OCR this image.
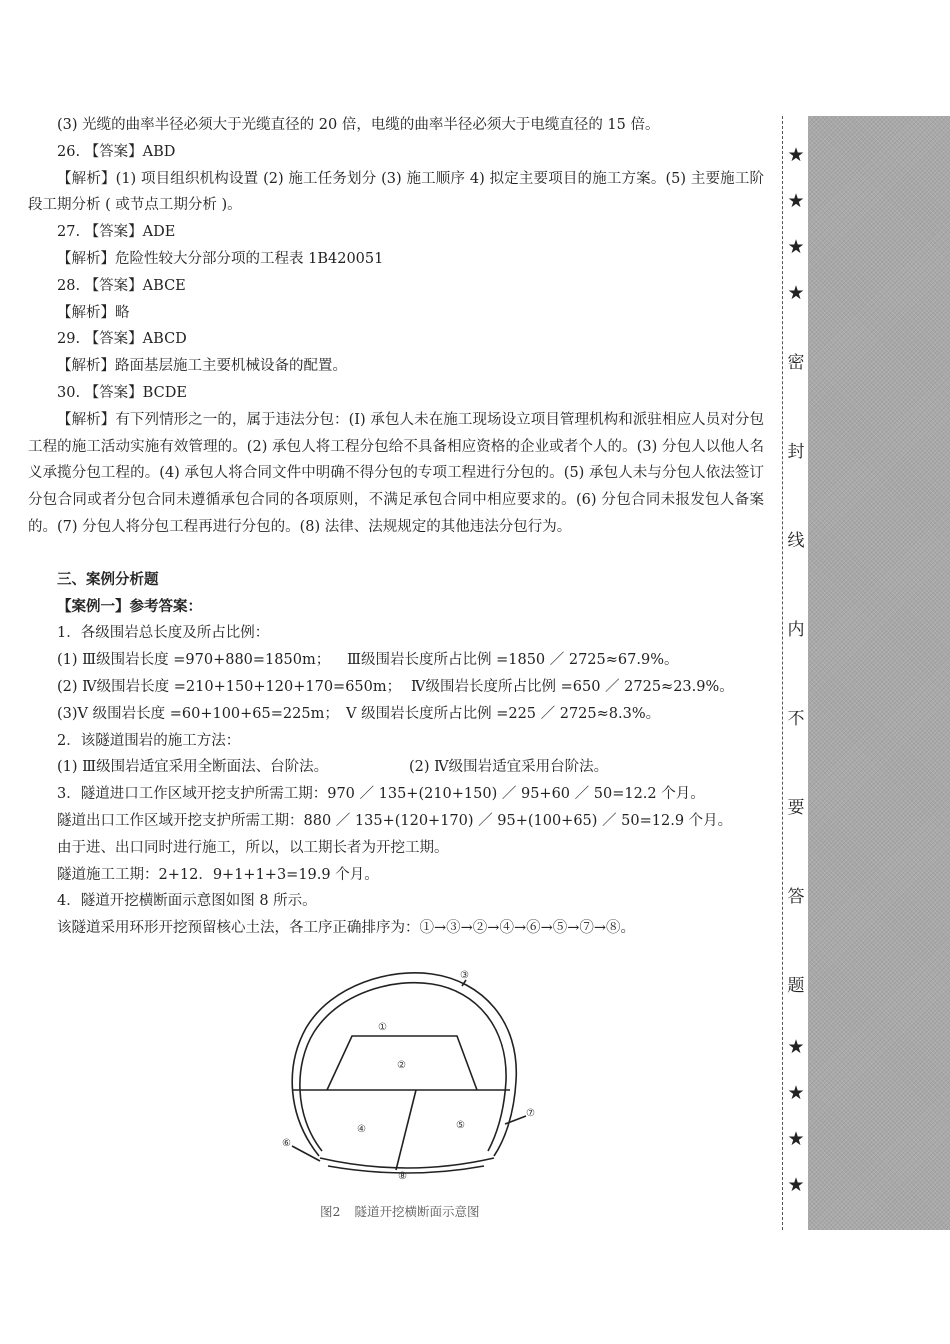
(3) 光缆的曲率半径必须大于光缆直径的 20 倍，电缆的曲率半径必须大于电缆直径的 15 倍。
26. 【答案】ABD
【解析】(1) 项目组织机构设置 (2) 施工任务划分 (3) 施工顺序 4) 拟定主要项目的施工方案。(5) 主要施工阶段工期分析 ( 或节点工期分析 )。
27. 【答案】ADE
【解析】危险性较大分部分项的工程表 1B420051
28. 【答案】ABCE
【解析】略
29. 【答案】ABCD
【解析】路面基层施工主要机械设备的配置。
30. 【答案】BCDE
【解析】有下列情形之一的，属于违法分包：(I) 承包人未在施工现场设立项目管理机构和派驻相应人员对分包工程的施工活动实施有效管理的。(2) 承包人将工程分包给不具备相应资格的企业或者个人的。(3) 分包人以他人名义承揽分包工程的。(4) 承包人将合同文件中明确不得分包的专项工程进行分包的。(5) 承包人未与分包人依法签订分包合同或者分包合同未遵循承包合同的各项原则，不满足承包合同中相应要求的。(6) 分包合同未报发包人备案的。(7) 分包人将分包工程再进行分包的。(8) 法律、法规规定的其他违法分包行为。
三、案例分析题
【案例一】参考答案：
1．各级围岩总长度及所占比例：
(1) Ⅲ级围岩长度 =970+880=1850m； Ⅲ级围岩长度所占比例 =1850 ／ 2725≈67.9%。
(2) Ⅳ级围岩长度 =210+150+120+170=650m； Ⅳ级围岩长度所占比例 =650 ／ 2725≈23.9%。
(3)Ⅴ 级围岩长度 =60+100+65=225m； Ⅴ 级围岩长度所占比例 =225 ／ 2725≈8.3%。
2．该隧道围岩的施工方法：
(1) Ⅲ级围岩适宜采用全断面法、台阶法。	(2) Ⅳ级围岩适宜采用台阶法。
3．隧道进口工作区域开挖支护所需工期：970 ／ 135+(210+150) ／ 95+60 ／ 50=12.2 个月。
隧道出口工作区域开挖支护所需工期：880 ／ 135+(120+170) ／ 95+(100+65) ／ 50=12.9 个月。
由于进、出口同时进行施工，所以，以工期长者为开挖工期。
隧道施工工期：2+12．9+1+1+3=19.9 个月。
4．隧道开挖横断面示意图如图 8 所示。
该隧道采用环形开挖预留核心土法，各工序正确排序为：①→③→②→④→⑥→⑤→⑦→⑧。
①
②
③
④	⑤
⑥
⑦
⑧
图2 隧道开挖横断面示意图
★
★
★
★
密
封
线
内
不
要
答
题
★
★
★
★
